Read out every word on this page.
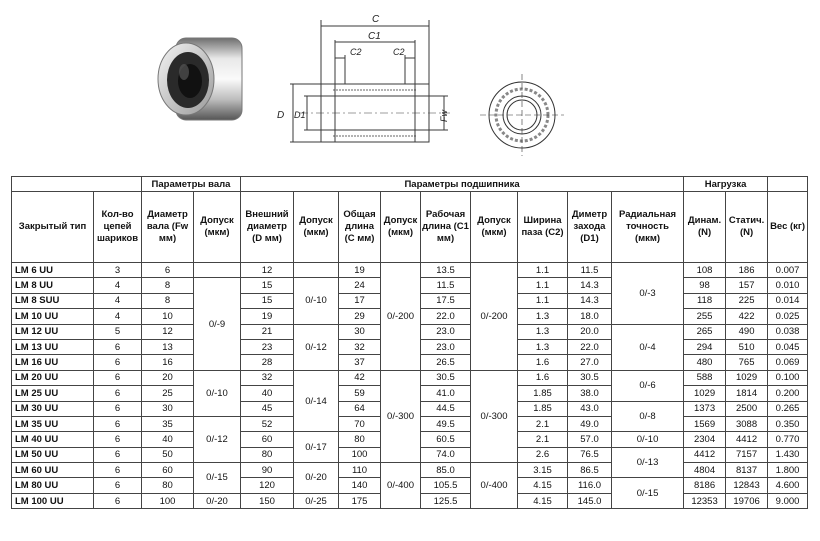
C
C1
C2	C2
D D1	Fw
		Параметры вала		Параметры подшипника									Нагрузка		
Закрытый тип	Кол-во цепей шариков	Диаметр вала (Fw мм)	Допуск (мкм)	Внешний диаметр (D мм)	Допуск (мкм)	Общая длина (C мм)	Допуск (мкм)	Рабочая длина (C1 мм)	Допуск (мкм)	Ширина паза (C2)	Диметр захода (D1)	Радиальная точность (мкм)	Динам. (N)	Статич. (N)	Вес (кг)
LM 6 UU	3	6		12		19	0/-200	13.5	0/-200	1.1	11.5	0/-3	108	186	0.007
LM 8 UU	4	8	0/-9	15	0/-10	24		11.5		1.1	14.3		98	157	0.010
LM 8 SUU	4	8		15		17		17.5		1.1	14.3		118	225	0.014
LM 10 UU	4	10		19		29		22.0		1.3	18.0		255	422	0.025
LM 12 UU	5	12		21	0/-12	30		23.0		1.3	20.0	0/-4	265	490	0.038
LM 13 UU	6	13		23		32		23.0		1.3	22.0		294	510	0.045
LM 16 UU	6	16		28		37		26.5		1.6	27.0		480	765	0.069
LM 20 UU	6	20	0/-10	32	0/-14	42	0/-300	30.5	0/-300	1.6	30.5	0/-6	588	1029	0.100
LM 25 UU	6	25		40		59		41.0		1.85	38.0		1029	1814	0.200
LM 30 UU	6	30		45		64		44.5		1.85	43.0	0/-8	1373	2500	0.265
LM 35 UU	6	35	0/-12	52		70		49.5		2.1	49.0		1569	3088	0.350
LM 40 UU	6	40		60	0/-17	80		60.5		2.1	57.0	0/-10	2304	4412	0.770
LM 50 UU	6	50		80		100		74.0		2.6	76.5	0/-13	4412	7157	1.430
LM 60 UU	6	60	0/-15	90	0/-20	110	0/-400	85.0	0/-400	3.15	86.5		4804	8137	1.800
LM 80 UU	6	80		120		140		105.5		4.15	116.0	0/-15	8186	12843	4.600
LM 100 UU	6	100	0/-20	150	0/-25	175		125.5		4.15	145.0		12353	19706	9.000
